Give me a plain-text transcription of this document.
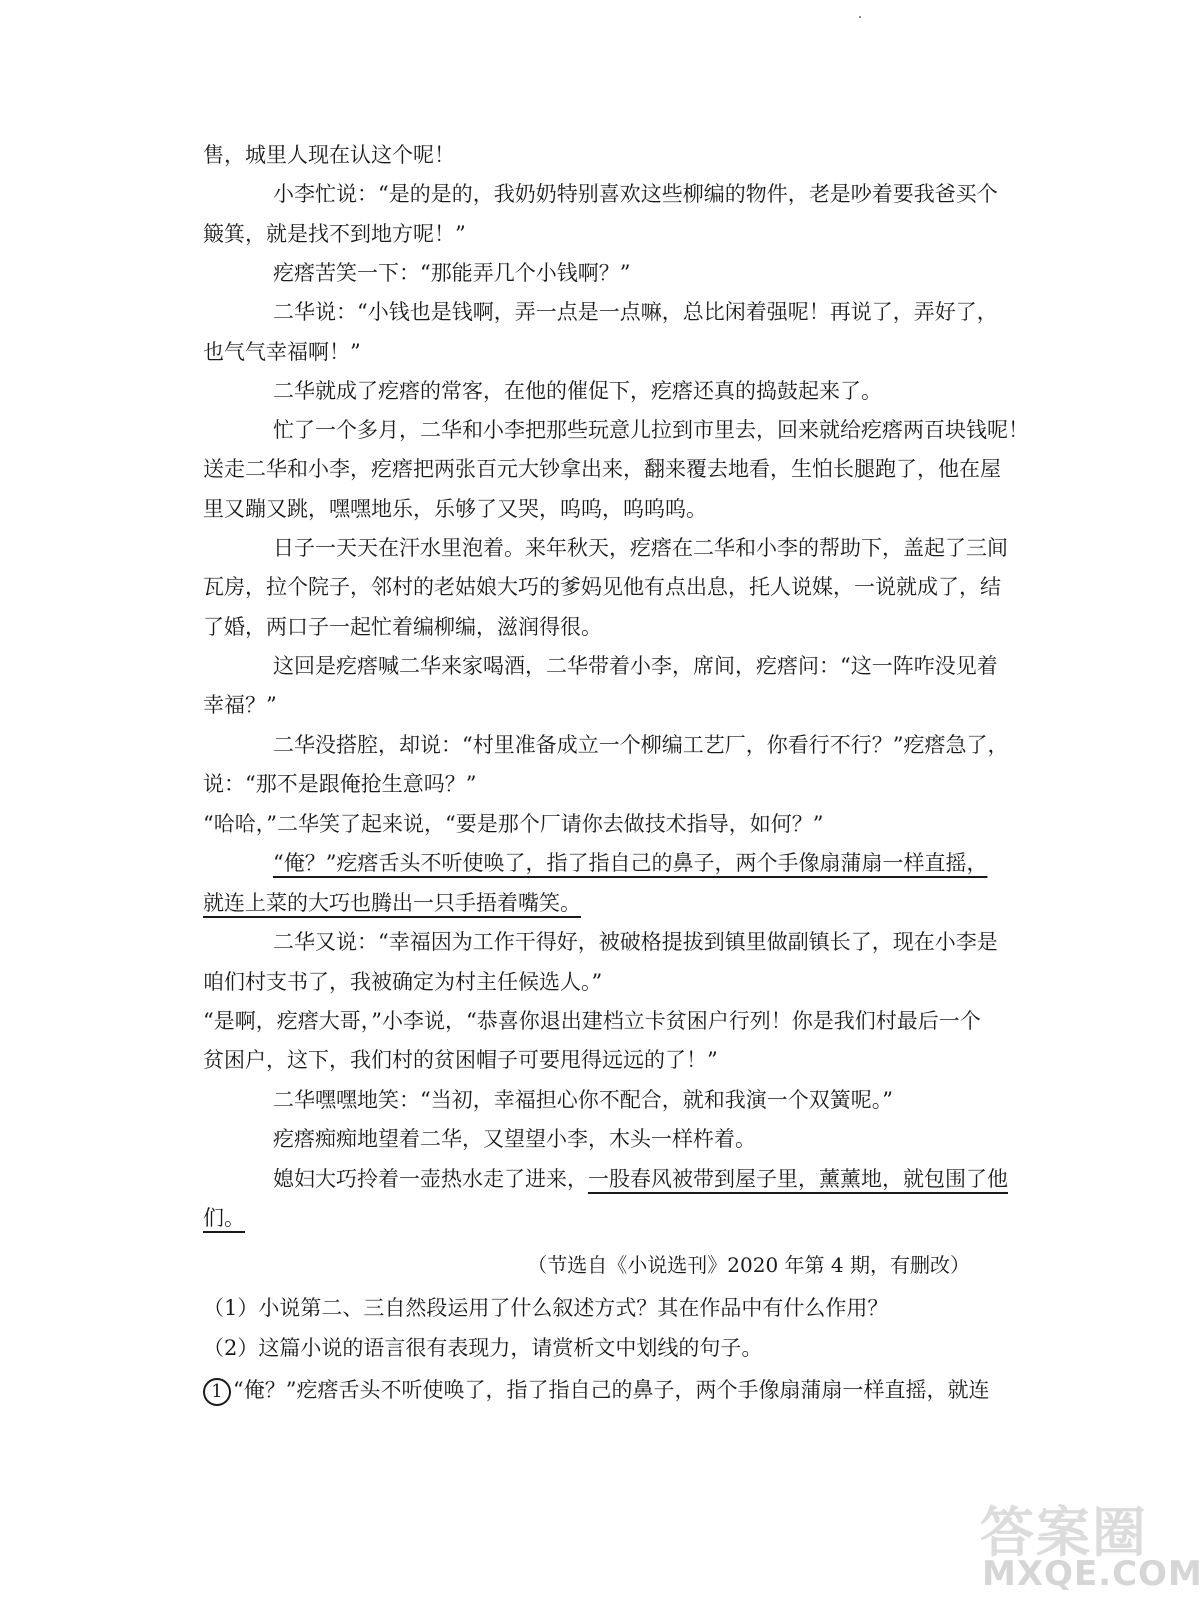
售，城里人现在认这个呢！

小李忙说：“是的是的，我奶奶特别喜欢这些柳编的物件，老是吵着要我爸买个

簸箕，就是找不到地方呢！”

疙瘩苦笑一下：“那能弄几个小钱啊？”

二华说：“小钱也是钱啊，弄一点是一点嘛，总比闲着强呢！再说了，弄好了，

也气气幸福啊！”

二华就成了疙瘩的常客，在他的催促下，疙瘩还真的捣鼓起来了。

忙了一个多月，二华和小李把那些玩意儿拉到市里去，回来就给疙瘩两百块钱呢！

送走二华和小李，疙瘩把两张百元大钞拿出来，翻来覆去地看，生怕长腿跑了，他在屋

里又蹦又跳，嘿嘿地乐，乐够了又哭，呜呜，呜呜呜。

日子一天天在汗水里泡着。来年秋天，疙瘩在二华和小李的帮助下，盖起了三间

瓦房，拉个院子，邻村的老姑娘大巧的爹妈见他有点出息，托人说媒，一说就成了，结

了婚，两口子一起忙着编柳编，滋润得很。

这回是疙瘩喊二华来家喝酒，二华带着小李，席间，疙瘩问：“这一阵咋没见着

幸福？”

二华没搭腔，却说：“村里准备成立一个柳编工艺厂，你看行不行？”疙瘩急了，

说：“那不是跟俺抢生意吗？”

“哈哈，”二华笑了起来说，“要是那个厂请你去做技术指导，如何？”

“俺？”疙瘩舌头不听使唤了，指了指自己的鼻子，两个手像扇蒲扇一样直摇，

就连上菜的大巧也腾出一只手捂着嘴笑。

二华又说：“幸福因为工作干得好，被破格提拔到镇里做副镇长了，现在小李是

咱们村支书了，我被确定为村主任候选人。”

“是啊，疙瘩大哥，”小李说，“恭喜你退出建档立卡贫困户行列！你是我们村最后一个

贫困户，这下，我们村的贫困帽子可要甩得远远的了！”

二华嘿嘿地笑：“当初，幸福担心你不配合，就和我演一个双簧呢。”

疙瘩痴痴地望着二华，又望望小李，木头一样杵着。

媳妇大巧拎着一壶热水走了进来，一股春风被带到屋子里，薰薰地，就包围了他

们。

（节选自《小说选刊》2020 年第 4 期，有删改）

（1）小说第二、三自然段运用了什么叙述方式？其在作品中有什么作用？

（2）这篇小说的语言很有表现力，请赏析文中划线的句子。

1 “俺？”疙瘩舌头不听使唤了，指了指自己的鼻子，两个手像扇蒲扇一样直摇，就连

答案圈
MXQE.COM
